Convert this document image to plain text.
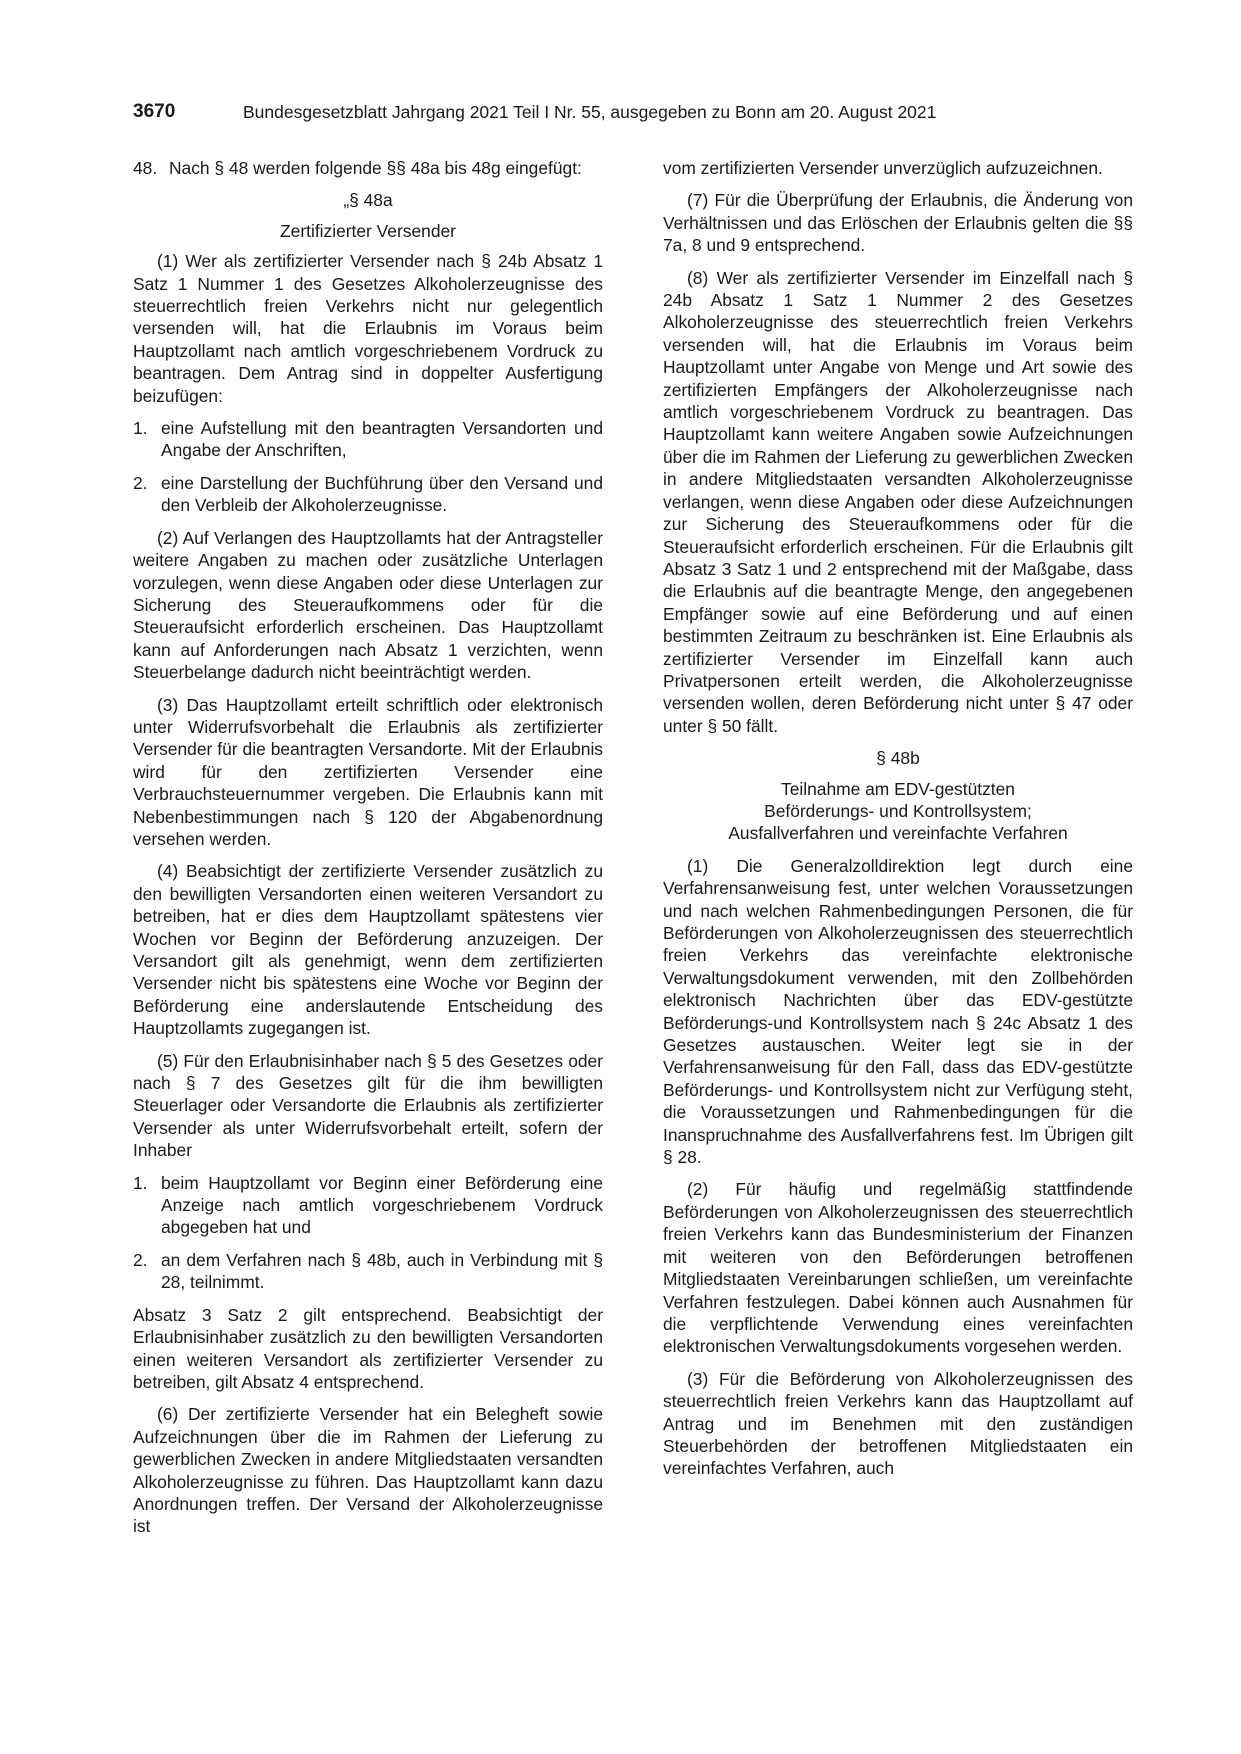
3670	Bundesgesetzblatt Jahrgang 2021 Teil I Nr. 55, ausgegeben zu Bonn am 20. August 2021
48. Nach § 48 werden folgende §§ 48a bis 48g eingefügt:

„§ 48a

Zertifizierter Versender

(1) Wer als zertifizierter Versender nach § 24b Absatz 1 Satz 1 Nummer 1 des Gesetzes Alkoholerzeugnisse des steuerrechtlich freien Verkehrs nicht nur gelegentlich versenden will, hat die Erlaubnis im Voraus beim Hauptzollamt nach amtlich vorgeschriebenem Vordruck zu beantragen. Dem Antrag sind in doppelter Ausfertigung beizufügen:

1. eine Aufstellung mit den beantragten Versandorten und Angabe der Anschriften,
2. eine Darstellung der Buchführung über den Versand und den Verbleib der Alkoholerzeugnisse.

(2) Auf Verlangen des Hauptzollamts hat der Antragsteller weitere Angaben zu machen oder zusätzliche Unterlagen vorzulegen, wenn diese Angaben oder diese Unterlagen zur Sicherung des Steueraufkommens oder für die Steueraufsicht erforderlich erscheinen. Das Hauptzollamt kann auf Anforderungen nach Absatz 1 verzichten, wenn Steuerbelange dadurch nicht beeinträchtigt werden.

(3) Das Hauptzollamt erteilt schriftlich oder elektronisch unter Widerrufsvorbehalt die Erlaubnis als zertifizierter Versender für die beantragten Versandorte. Mit der Erlaubnis wird für den zertifizierten Versender eine Verbrauchsteuernummer vergeben. Die Erlaubnis kann mit Nebenbestimmungen nach § 120 der Abgabenordnung versehen werden.

(4) Beabsichtigt der zertifizierte Versender zusätzlich zu den bewilligten Versandorten einen weiteren Versandort zu betreiben, hat er dies dem Hauptzollamt spätestens vier Wochen vor Beginn der Beförderung anzuzeigen. Der Versandort gilt als genehmigt, wenn dem zertifizierten Versender nicht bis spätestens eine Woche vor Beginn der Beförderung eine anderslautende Entscheidung des Hauptzollamts zugegangen ist.

(5) Für den Erlaubnisinhaber nach § 5 des Gesetzes oder nach § 7 des Gesetzes gilt für die ihm bewilligten Steuerlager oder Versandorte die Erlaubnis als zertifizierter Versender als unter Widerrufsvorbehalt erteilt, sofern der Inhaber

1. beim Hauptzollamt vor Beginn einer Beförderung eine Anzeige nach amtlich vorgeschriebenem Vordruck abgegeben hat und
2. an dem Verfahren nach § 48b, auch in Verbindung mit § 28, teilnimmt.

Absatz 3 Satz 2 gilt entsprechend. Beabsichtigt der Erlaubnisinhaber zusätzlich zu den bewilligten Versandorten einen weiteren Versandort als zertifizierter Versender zu betreiben, gilt Absatz 4 entsprechend.

(6) Der zertifizierte Versender hat ein Belegheft sowie Aufzeichnungen über die im Rahmen der Lieferung zu gewerblichen Zwecken in andere Mitgliedstaaten versandten Alkoholerzeugnisse zu führen. Das Hauptzollamt kann dazu Anordnungen treffen. Der Versand der Alkoholerzeugnisse ist

vom zertifizierten Versender unverzüglich aufzuzeichnen.

(7) Für die Überprüfung der Erlaubnis, die Änderung von Verhältnissen und das Erlöschen der Erlaubnis gelten die §§ 7a, 8 und 9 entsprechend.

(8) Wer als zertifizierter Versender im Einzelfall nach § 24b Absatz 1 Satz 1 Nummer 2 des Gesetzes Alkoholerzeugnisse des steuerrechtlich freien Verkehrs versenden will, hat die Erlaubnis im Voraus beim Hauptzollamt unter Angabe von Menge und Art sowie des zertifizierten Empfängers der Alkoholerzeugnisse nach amtlich vorgeschriebenem Vordruck zu beantragen. Das Hauptzollamt kann weitere Angaben sowie Aufzeichnungen über die im Rahmen der Lieferung zu gewerblichen Zwecken in andere Mitgliedstaaten versandten Alkoholerzeugnisse verlangen, wenn diese Angaben oder diese Aufzeichnungen zur Sicherung des Steueraufkommens oder für die Steueraufsicht erforderlich erscheinen. Für die Erlaubnis gilt Absatz 3 Satz 1 und 2 entsprechend mit der Maßgabe, dass die Erlaubnis auf die beantragte Menge, den angegebenen Empfänger sowie auf eine Beförderung und auf einen bestimmten Zeitraum zu beschränken ist. Eine Erlaubnis als zertifizierter Versender im Einzelfall kann auch Privatpersonen erteilt werden, die Alkoholerzeugnisse versenden wollen, deren Beförderung nicht unter § 47 oder unter § 50 fällt.

§ 48b

Teilnahme am EDV-gestützten
Beförderungs- und Kontrollsystem;
Ausfallverfahren und vereinfachte Verfahren

(1) Die Generalzolldirektion legt durch eine Verfahrensanweisung fest, unter welchen Voraussetzungen und nach welchen Rahmenbedingungen Personen, die für Beförderungen von Alkoholerzeugnissen des steuerrechtlich freien Verkehrs das vereinfachte elektronische Verwaltungsdokument verwenden, mit den Zollbehörden elektronisch Nachrichten über das EDV-gestützte Beförderungs-und Kontrollsystem nach § 24c Absatz 1 des Gesetzes austauschen. Weiter legt sie in der Verfahrensanweisung für den Fall, dass das EDV-gestützte Beförderungs- und Kontrollsystem nicht zur Verfügung steht, die Voraussetzungen und Rahmenbedingungen für die Inanspruchnahme des Ausfallverfahrens fest. Im Übrigen gilt § 28.

(2) Für häufig und regelmäßig stattfindende Beförderungen von Alkoholerzeugnissen des steuerrechtlich freien Verkehrs kann das Bundesministerium der Finanzen mit weiteren von den Beförderungen betroffenen Mitgliedstaaten Vereinbarungen schließen, um vereinfachte Verfahren festzulegen. Dabei können auch Ausnahmen für die verpflichtende Verwendung eines vereinfachten elektronischen Verwaltungsdokuments vorgesehen werden.

(3) Für die Beförderung von Alkoholerzeugnissen des steuerrechtlich freien Verkehrs kann das Hauptzollamt auf Antrag und im Benehmen mit den zuständigen Steuerbehörden der betroffenen Mitgliedstaaten ein vereinfachtes Verfahren, auch
